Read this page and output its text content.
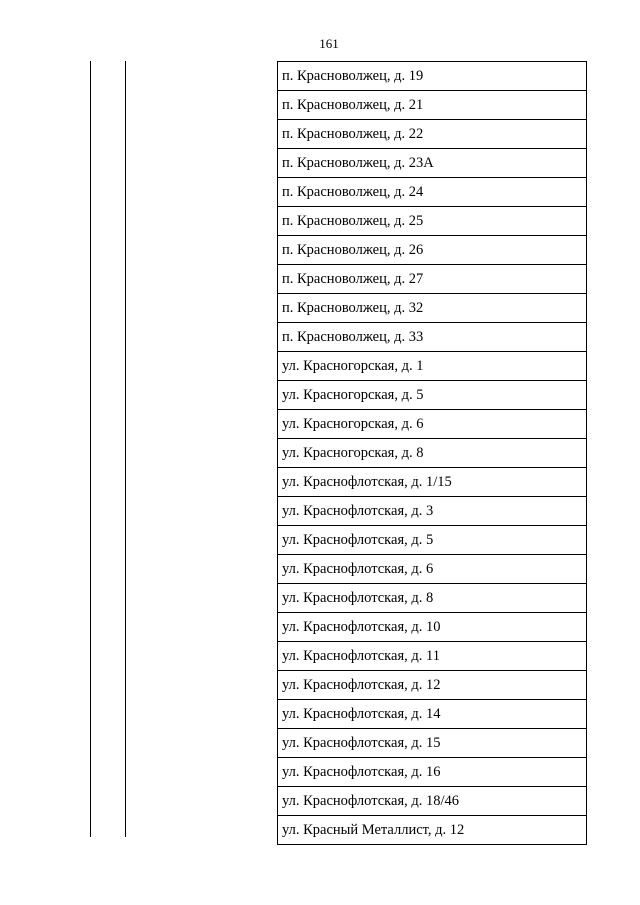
161
п. Красноволжец, д. 19
п. Красноволжец, д. 21
п. Красноволжец, д. 22
п. Красноволжец, д. 23А
п. Красноволжец, д. 24
п. Красноволжец, д. 25
п. Красноволжец, д. 26
п. Красноволжец, д. 27
п. Красноволжец, д. 32
п. Красноволжец, д. 33
ул. Красногорская, д. 1
ул. Красногорская, д. 5
ул. Красногорская, д. 6
ул. Красногорская, д. 8
ул. Краснофлотская, д. 1/15
ул. Краснофлотская, д. 3
ул. Краснофлотская, д. 5
ул. Краснофлотская, д. 6
ул. Краснофлотская, д. 8
ул. Краснофлотская, д. 10
ул. Краснофлотская, д. 11
ул. Краснофлотская, д. 12
ул. Краснофлотская, д. 14
ул. Краснофлотская, д. 15
ул. Краснофлотская, д. 16
ул. Краснофлотская, д. 18/46
ул. Красный Металлист, д. 12
